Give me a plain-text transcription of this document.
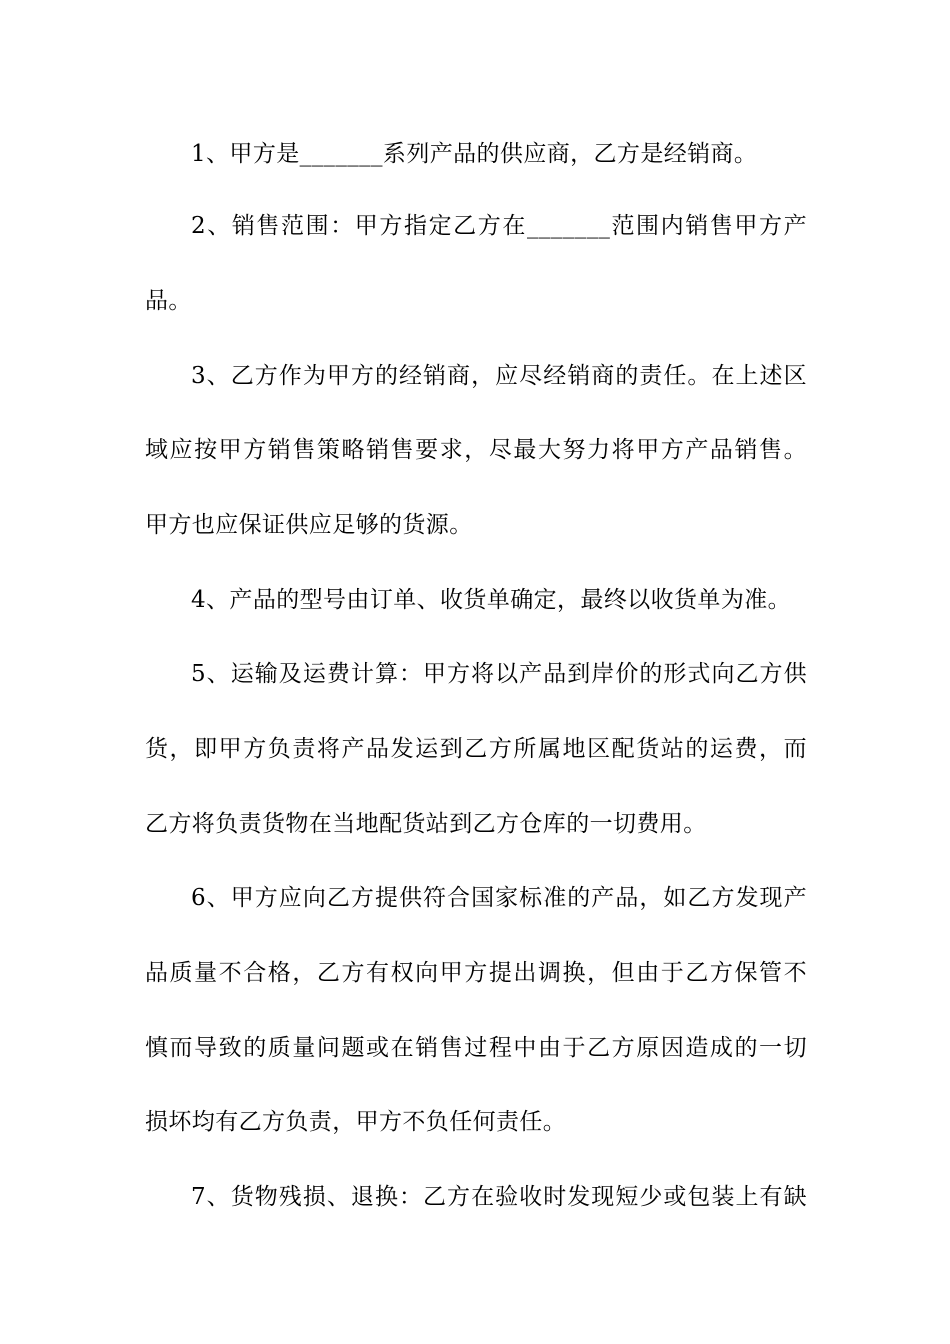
1、甲方是_______系列产品的供应商，乙方是经销商。
2、销售范围：甲方指定乙方在_______范围内销售甲方产
品。
3、乙方作为甲方的经销商，应尽经销商的责任。在上述区
域应按甲方销售策略销售要求，尽最大努力将甲方产品销售。
甲方也应保证供应足够的货源。
4、产品的型号由订单、收货单确定，最终以收货单为准。
5、运输及运费计算：甲方将以产品到岸价的形式向乙方供
货，即甲方负责将产品发运到乙方所属地区配货站的运费，而
乙方将负责货物在当地配货站到乙方仓库的一切费用。
6、甲方应向乙方提供符合国家标准的产品，如乙方发现产
品质量不合格，乙方有权向甲方提出调换，但由于乙方保管不
慎而导致的质量问题或在销售过程中由于乙方原因造成的一切
损坏均有乙方负责，甲方不负任何责任。
7、货物残损、退换：乙方在验收时发现短少或包装上有缺
